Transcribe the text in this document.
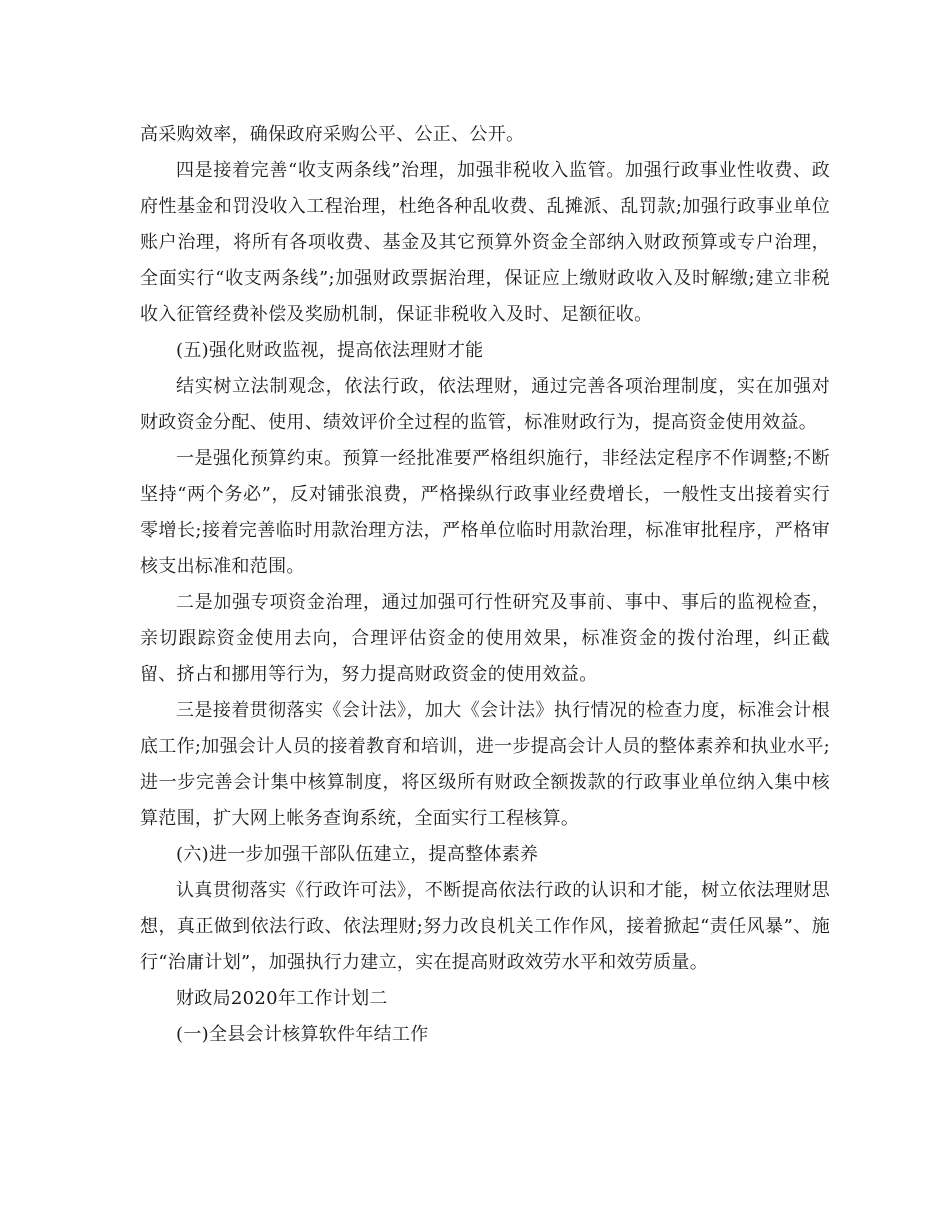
高采购效率，确保政府采购公平、公正、公开。

四是接着完善“收支两条线”治理，加强非税收入监管。加强行政事业性收费、政府性基金和罚没收入工程治理，杜绝各种乱收费、乱摊派、乱罚款;加强行政事业单位账户治理，将所有各项收费、基金及其它预算外资金全部纳入财政预算或专户治理，全面实行“收支两条线”;加强财政票据治理，保证应上缴财政收入及时解缴;建立非税收入征管经费补偿及奖励机制，保证非税收入及时、足额征收。

(五)强化财政监视，提高依法理财才能

结实树立法制观念，依法行政，依法理财，通过完善各项治理制度，实在加强对财政资金分配、使用、绩效评价全过程的监管，标准财政行为，提高资金使用效益。

一是强化预算约束。预算一经批准要严格组织施行，非经法定程序不作调整;不断坚持“两个务必”，反对铺张浪费，严格操纵行政事业经费增长，一般性支出接着实行零增长;接着完善临时用款治理方法，严格单位临时用款治理，标准审批程序，严格审核支出标准和范围。

二是加强专项资金治理，通过加强可行性研究及事前、事中、事后的监视检查，亲切跟踪资金使用去向，合理评估资金的使用效果，标准资金的拨付治理，纠正截留、挤占和挪用等行为，努力提高财政资金的使用效益。

三是接着贯彻落实《会计法》，加大《会计法》执行情况的检查力度，标准会计根底工作;加强会计人员的接着教育和培训，进一步提高会计人员的整体素养和执业水平;进一步完善会计集中核算制度，将区级所有财政全额拨款的行政事业单位纳入集中核算范围，扩大网上帐务查询系统，全面实行工程核算。

(六)进一步加强干部队伍建立，提高整体素养

认真贯彻落实《行政许可法》，不断提高依法行政的认识和才能，树立依法理财思想，真正做到依法行政、依法理财;努力改良机关工作作风，接着掀起“责任风暴”、施行“治庸计划”，加强执行力建立，实在提高财政效劳水平和效劳质量。

财政局2020年工作计划二

(一)全县会计核算软件年结工作
